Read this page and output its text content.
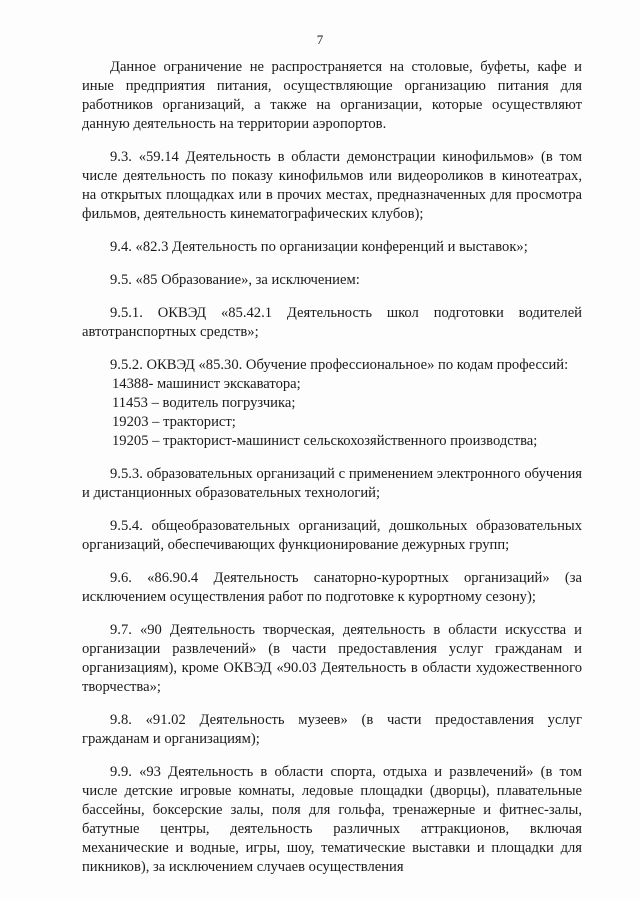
7

Данное ограничение не распространяется на столовые, буфеты, кафе и иные предприятия питания, осуществляющие организацию питания для работников организаций, а также на организации, которые осуществляют данную деятельность на территории аэропортов.

9.3. «59.14 Деятельность в области демонстрации кинофильмов» (в том числе деятельность по показу кинофильмов или видеороликов в кинотеатрах, на открытых площадках или в прочих местах, предназначенных для просмотра фильмов, деятельность кинематографических клубов);

9.4. «82.3 Деятельность по организации конференций и выставок»;

9.5. «85 Образование», за исключением:

9.5.1. ОКВЭД «85.42.1 Деятельность школ подготовки водителей автотранспортных средств»;

9.5.2. ОКВЭД «85.30. Обучение профессиональное» по кодам профессий:

14388- машинист экскаватора;
11453 – водитель погрузчика;
19203 – тракторист;
19205 – тракторист-машинист сельскохозяйственного производства;

9.5.3. образовательных организаций с применением электронного обучения и дистанционных образовательных технологий;

9.5.4. общеобразовательных организаций, дошкольных образовательных организаций, обеспечивающих функционирование дежурных групп;

9.6. «86.90.4 Деятельность санаторно-курортных организаций» (за исключением осуществления работ по подготовке к курортному сезону);

9.7. «90 Деятельность творческая, деятельность в области искусства и организации развлечений» (в части предоставления услуг гражданам и организациям), кроме ОКВЭД «90.03 Деятельность в области художественного творчества»;

9.8. «91.02 Деятельность музеев» (в части предоставления услуг гражданам и организациям);

9.9. «93 Деятельность в области спорта, отдыха и развлечений» (в том числе детские игровые комнаты, ледовые площадки (дворцы), плавательные бассейны, боксерские залы, поля для гольфа, тренажерные и фитнес-залы, батутные центры, деятельность различных аттракционов, включая механические и водные, игры, шоу, тематические выставки и площадки для пикников), за исключением случаев осуществления
